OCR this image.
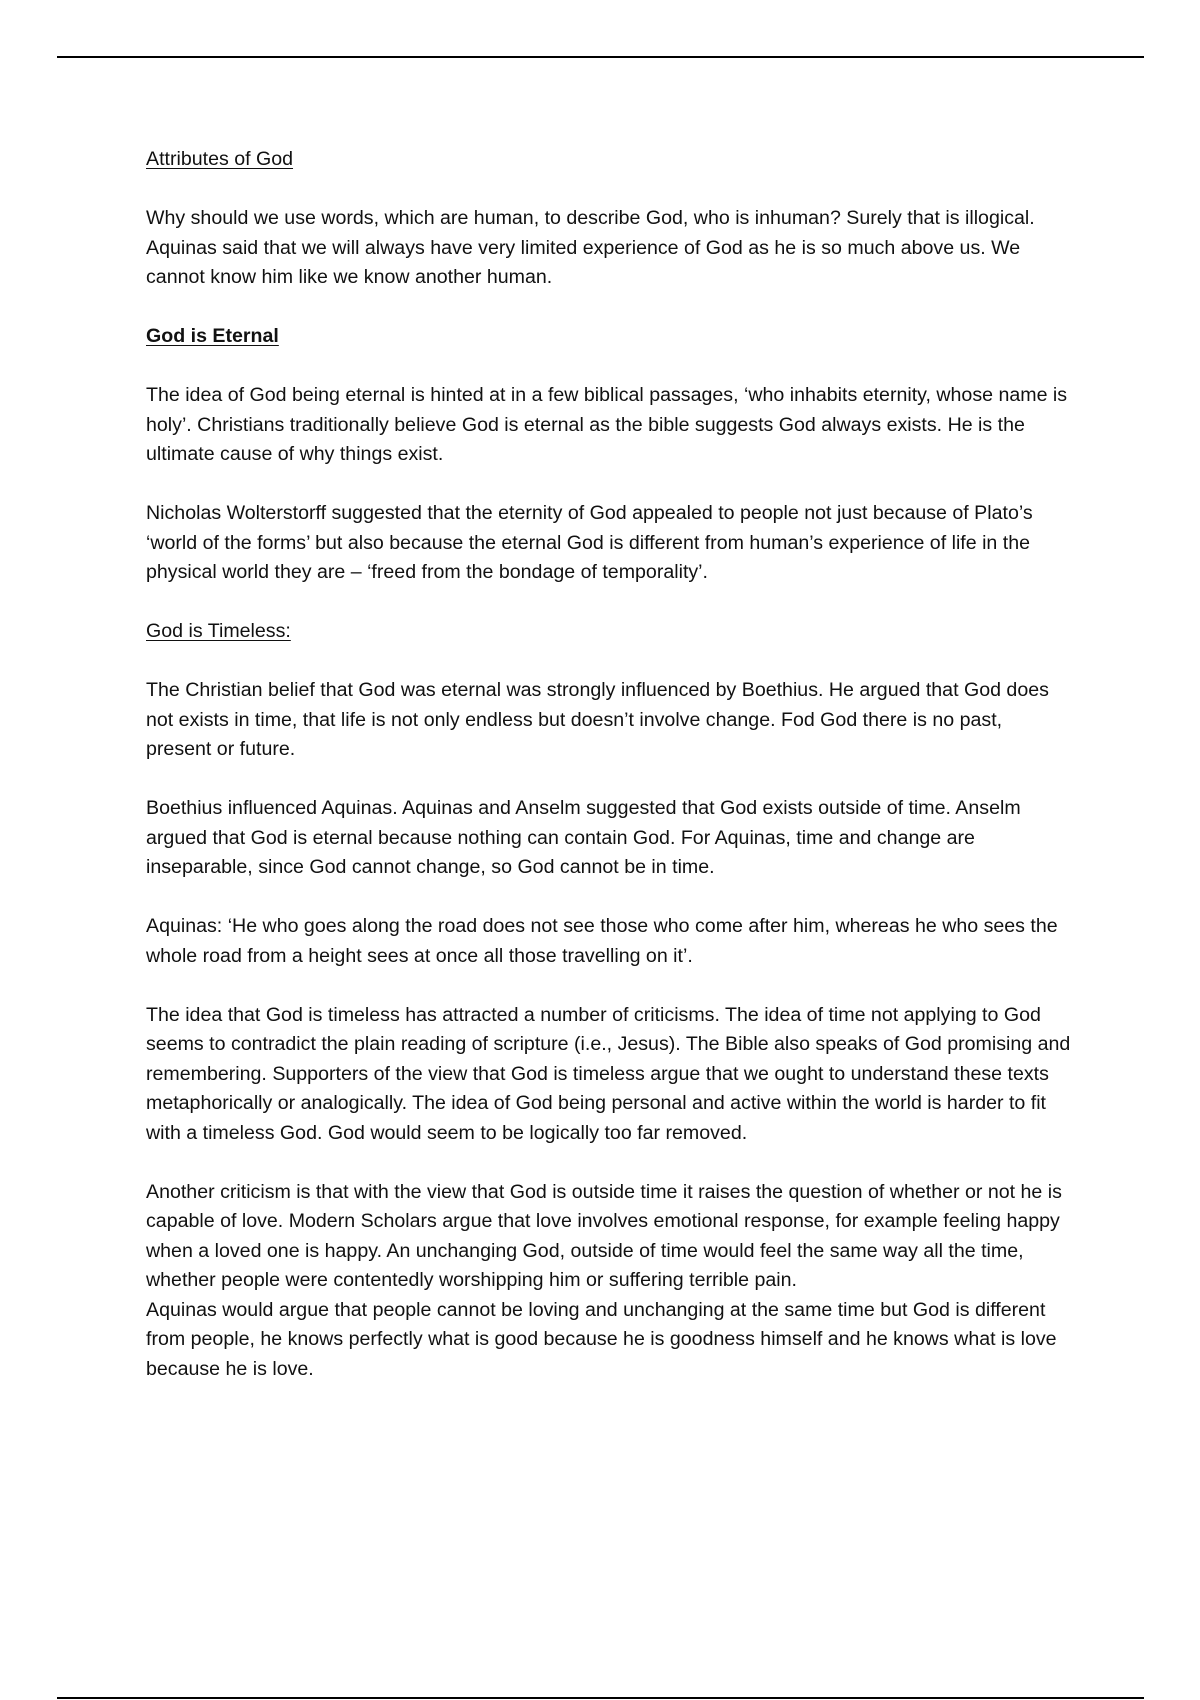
Attributes of God

Why should we use words, which are human, to describe God, who is inhuman? Surely that is illogical.

Aquinas said that we will always have very limited experience of God as he is so much above us. We cannot know him like we know another human.

God is Eternal

The idea of God being eternal is hinted at in a few biblical passages, ‘who inhabits eternity, whose name is holy’. Christians traditionally believe God is eternal as the bible suggests God always exists. He is the ultimate cause of why things exist.

Nicholas Wolterstorff suggested that the eternity of God appealed to people not just because of Plato’s ‘world of the forms’ but also because the eternal God is different from human’s experience of life in the physical world they are – ‘freed from the bondage of temporality’.

God is Timeless:

The Christian belief that God was eternal was strongly influenced by Boethius. He argued that God does not exists in time, that life is not only endless but doesn’t involve change. Fod God there is no past, present or future.

Boethius influenced Aquinas. Aquinas and Anselm suggested that God exists outside of time. Anselm argued that God is eternal because nothing can contain God. For Aquinas, time and change are inseparable, since God cannot change, so God cannot be in time.

Aquinas: ‘He who goes along the road does not see those who come after him, whereas he who sees the whole road from a height sees at once all those travelling on it’.

The idea that God is timeless has attracted a number of criticisms. The idea of time not applying to God seems to contradict the plain reading of scripture (i.e., Jesus). The Bible also speaks of God promising and remembering. Supporters of the view that God is timeless argue that we ought to understand these texts metaphorically or analogically. The idea of God being personal and active within the world is harder to fit with a timeless God. God would seem to be logically too far removed.

Another criticism is that with the view that God is outside time it raises the question of whether or not he is capable of love. Modern Scholars argue that love involves emotional response, for example feeling happy when a loved one is happy. An unchanging God, outside of time would feel the same way all the time, whether people were contentedly worshipping him or suffering terrible pain.

Aquinas would argue that people cannot be loving and unchanging at the same time but God is different from people, he knows perfectly what is good because he is goodness himself and he knows what is love because he is love.
